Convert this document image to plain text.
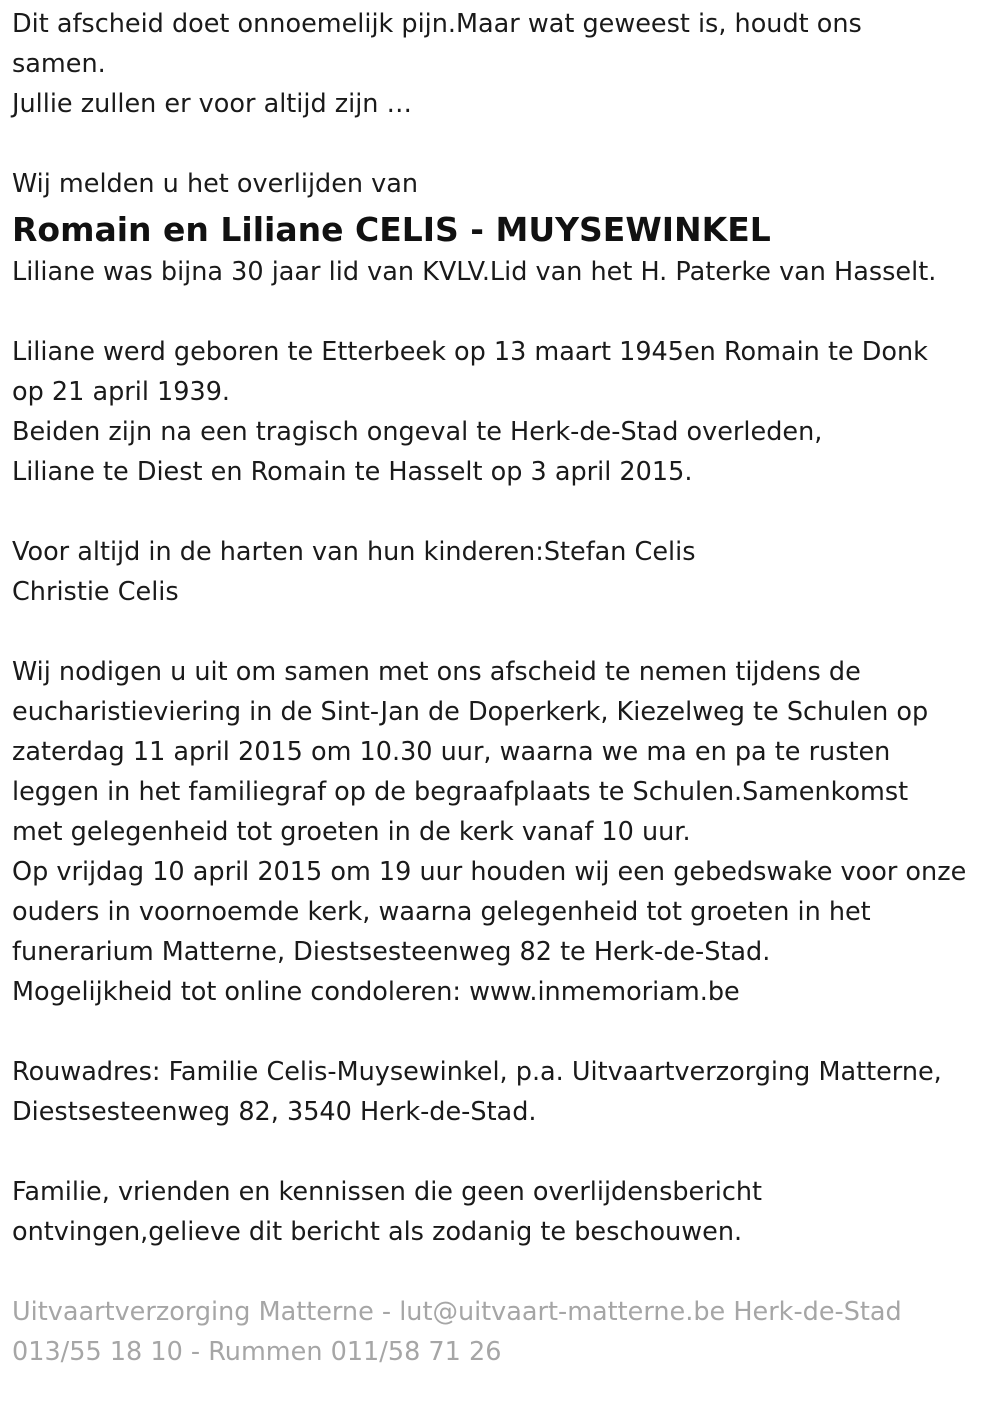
Dit afscheid doet onnoemelijk pijn.Maar wat geweest is, houdt ons
samen.
Jullie zullen er voor altijd zijn …

Wij melden u het overlijden van

Romain en Liliane CELIS - MUYSEWINKEL

Liliane was bijna 30 jaar lid van KVLV.Lid van het H. Paterke van Hasselt.

Liliane werd geboren te Etterbeek op 13 maart 1945en Romain te Donk
op 21 april 1939.
Beiden zijn na een tragisch ongeval te Herk-de-Stad overleden,
Liliane te Diest en Romain te Hasselt op 3 april 2015.

Voor altijd in de harten van hun kinderen:Stefan Celis
Christie Celis

Wij nodigen u uit om samen met ons afscheid te nemen tijdens de
eucharistieviering in de Sint-Jan de Doperkerk, Kiezelweg te Schulen op
zaterdag 11 april 2015 om 10.30 uur, waarna we ma en pa te rusten
leggen in het familiegraf op de begraafplaats te Schulen.Samenkomst
met gelegenheid tot groeten in de kerk vanaf 10 uur.
Op vrijdag 10 april 2015 om 19 uur houden wij een gebedswake voor onze
ouders in voornoemde kerk, waarna gelegenheid tot groeten in het
funerarium Matterne, Diestsesteenweg 82 te Herk-de-Stad.
Mogelijkheid tot online condoleren: www.inmemoriam.be

Rouwadres: Familie Celis-Muysewinkel, p.a. Uitvaartverzorging Matterne,
Diestsesteenweg 82, 3540 Herk-de-Stad.

Familie, vrienden en kennissen die geen overlijdensbericht
ontvingen,gelieve dit bericht als zodanig te beschouwen.

Uitvaartverzorging Matterne - lut@uitvaart-matterne.be Herk-de-Stad
013/55 18 10 - Rummen 011/58 71 26
